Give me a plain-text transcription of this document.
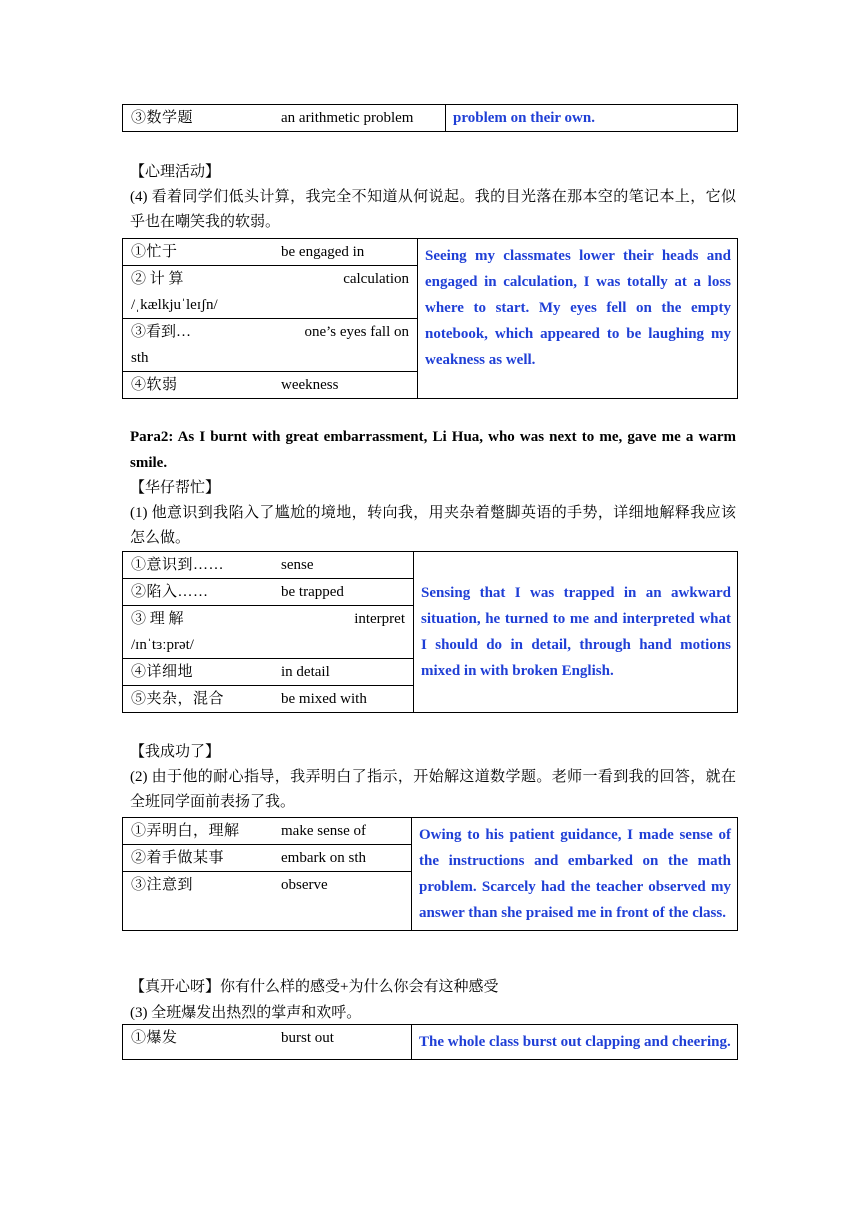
③数学题	an arithmetic problem	problem on their own.
【心理活动】
(4) 看着同学们低头计算，我完全不知道从何说起。我的目光落在那本空的笔记本上，它似乎也在嘲笑我的软弱。
①忙于	be engaged in
② 计 算	calculation
/ˌkælkjuˈleɪʃn/
③看到…	one’s eyes fall on
sth
④软弱	weekness
	Seeing my classmates lower their heads and engaged in calculation, I was totally at a loss where to start. My eyes fell on the empty notebook, which appeared to be laughing my weakness as well.
Para2: As I burnt with great embarrassment, Li Hua, who was next to me, gave me a warm smile.
【华仔帮忙】
(1) 他意识到我陷入了尴尬的境地，转向我，用夹杂着蹩脚英语的手势，详细地解释我应该怎么做。
①意识到……	sense
②陷入……	be trapped
③ 理 解	interpret
/ɪnˈtɜːprət/
④详细地	in detail
⑤夹杂，混合	be mixed with
	Sensing that I was trapped in an awkward situation, he turned to me and interpreted what I should do in detail, through hand motions mixed in with broken English.
【我成功了】
(2) 由于他的耐心指导，我弄明白了指示，开始解这道数学题。老师一看到我的回答，就在全班同学面前表扬了我。
①弄明白，理解	make sense of
②着手做某事	embark on sth
③注意到	observe
	Owing to his patient guidance, I made sense of the instructions and embarked on the math problem. Scarcely had the teacher observed my answer than she praised me in front of the class.
【真开心呀】你有什么样的感受+为什么你会有这种感受
(3) 全班爆发出热烈的掌声和欢呼。
①爆发	burst out	The whole class burst out clapping and cheering.
